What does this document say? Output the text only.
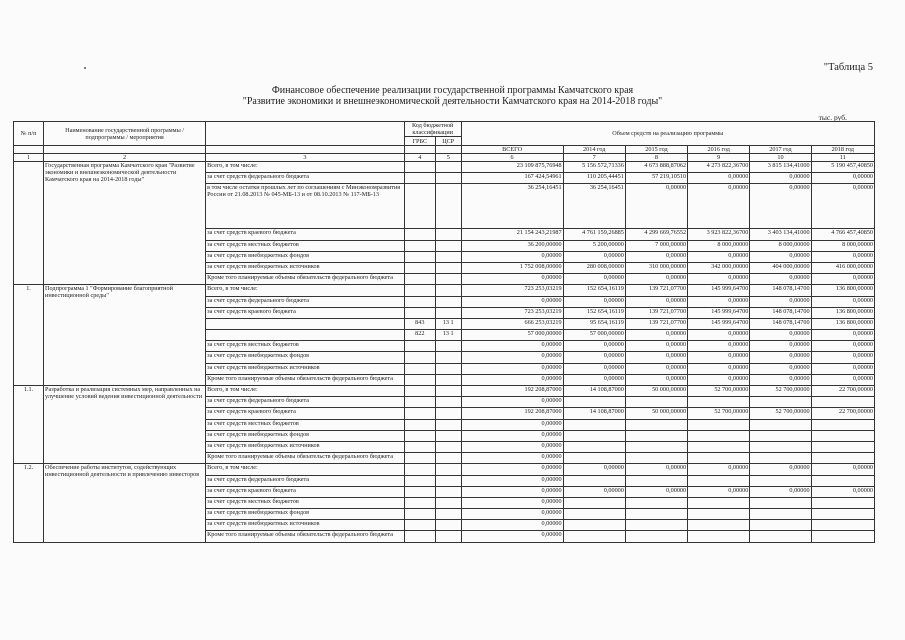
"Таблица 5
Финансовое обеспечение реализации государственной программы Камчатского края
"Развитие экономики и внешнеэкономической деятельности Камчатского края на 2014-2018 годы"
тыс. руб.
№ п/п	Наименование государственной программы / подпрограммы / мероприятия		Код бюджетной классификации		Объем средств на реализацию программы					
			ГРБС	ЦСР						
					ВСЕГО	2014 год	2015 год	2016 год	2017 год	2018 год
1	2	3	4	5	6	7	8	9	10	11
	Государственная программа Камчатского края "Развитие экономики и внешнеэкономической деятельности Камчатского края на 2014-2018 годы"	Всего, в том числе:			23 109 875,76948	5 156 572,71336	4 673 888,87062	4 273 822,36700	3 815 134,41000	5 190 457,40850
		за счет средств федерального бюджета			167 424,54961	110 205,44451	57 219,10510	0,00000	0,00000	0,00000
		в том числе остатки прошлых лет по соглашениям с Минэкономразвития России от 21.08.2013 № 045-МБ-13 и от 08.10.2013 № 117-МБ-13			36 254,16451	36 254,16451	0,00000	0,00000	0,00000	0,00000
		за счет средств краевого бюджета			21 154 243,21987	4 761 159,26885	4 299 669,76552	3 923 822,36700	3 403 134,41000	4 766 457,40850
		за счет средств местных бюджетов			36 200,00000	5 200,00000	7 000,00000	8 000,00000	8 000,00000	8 000,00000
		за счет средств внебюджетных фондов			0,00000	0,00000	0,00000	0,00000	0,00000	0,00000
		за счет средств внебюджетных источников			1 752 008,00000	280 008,00000	310 000,00000	342 000,00000	404 000,00000	416 000,00000
		Кроме того планируемые объемы обязательств федерального бюджета			0,00000	0,00000	0,00000	0,00000	0,00000	0,00000
1.	Подпрограмма 1 "Формирование благоприятной инвестиционной среды"	Всего, в том числе:			723 253,03219	152 654,16119	139 721,07700	145 999,64700	148 078,14700	136 800,00000
		за счет средств федерального бюджета			0,00000	0,00000	0,00000	0,00000	0,00000	0,00000
		за счет средств краевого бюджета			723 253,03219	152 654,16119	139 721,07700	145 999,64700	148 078,14700	136 800,00000
			843	13 1	666 253,03219	95 654,16119	139 721,07700	145 999,64700	148 078,14700	136 800,00000
			822	13 1	57 000,00000	57 000,00000	0,00000	0,00000	0,00000	0,00000
		за счет средств местных бюджетов			0,00000	0,00000	0,00000	0,00000	0,00000	0,00000
		за счет средств внебюджетных фондов			0,00000	0,00000	0,00000	0,00000	0,00000	0,00000
		за счет средств внебюджетных источников			0,00000	0,00000	0,00000	0,00000	0,00000	0,00000
		Кроме того планируемые объемы обязательств федерального бюджета			0,00000	0,00000	0,00000	0,00000	0,00000	0,00000
1.1.	Разработка и реализация системных мер, направленных на улучшение условий ведения инвестиционной деятельности	Всего, в том числе:			192 208,87000	14 108,87000	50 000,00000	52 700,00000	52 700,00000	22 700,00000
		за счет средств федерального бюджета			0,00000					
		за счет средств краевого бюджета			192 208,87000	14 108,87000	50 000,00000	52 700,00000	52 700,00000	22 700,00000
		за счет средств местных бюджетов			0,00000					
		за счет средств внебюджетных фондов			0,00000					
		за счет средств внебюджетных источников			0,00000					
		Кроме того планируемые объемы обязательств федерального бюджета			0,00000					
1.2.	Обеспечение работы институтов, содействующих инвестиционной деятельности и привлечению инвесторов	Всего, в том числе:			0,00000	0,00000	0,00000	0,00000	0,00000	0,00000
		за счет средств федерального бюджета			0,00000					
		за счет средств краевого бюджета			0,00000	0,00000	0,00000	0,00000	0,00000	0,00000
		за счет средств местных бюджетов			0,00000					
		за счет средств внебюджетных фондов			0,00000					
		за счет средств внебюджетных источников			0,00000					
		Кроме того планируемые объемы обязательств федерального бюджета			0,00000					
